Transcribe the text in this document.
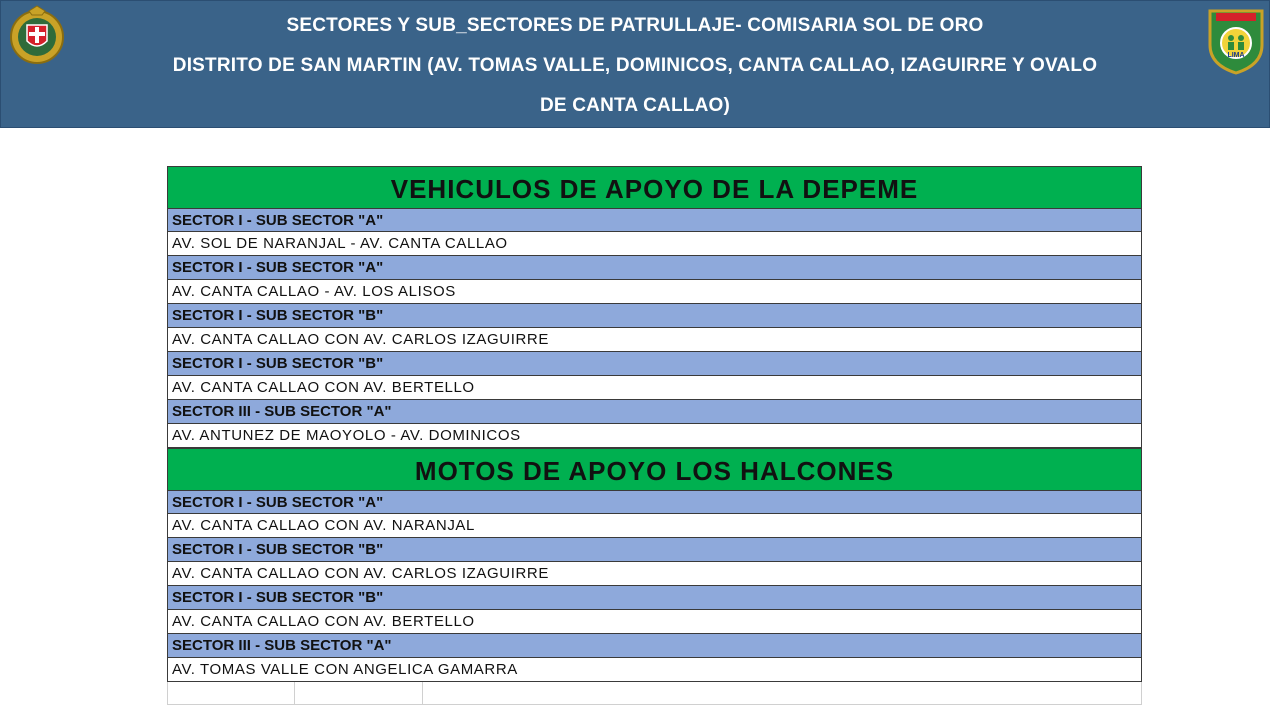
SECTORES Y SUB_SECTORES DE PATRULLAJE- COMISARIA SOL DE ORO
DISTRITO DE SAN MARTIN (AV. TOMAS VALLE, DOMINICOS, CANTA CALLAO, IZAGUIRRE Y OVALO
DE CANTA CALLAO)
LIMA
VEHICULOS DE APOYO DE LA DEPEME
SECTOR I - SUB SECTOR "A"
AV. SOL DE NARANJAL - AV. CANTA CALLAO
SECTOR I - SUB SECTOR "A"
AV. CANTA CALLAO - AV. LOS ALISOS
SECTOR I - SUB SECTOR "B"
AV. CANTA CALLAO CON AV. CARLOS IZAGUIRRE
SECTOR I - SUB SECTOR "B"
AV. CANTA CALLAO CON AV. BERTELLO
SECTOR III - SUB SECTOR "A"
AV. ANTUNEZ DE MAOYOLO - AV. DOMINICOS
MOTOS DE APOYO LOS HALCONES
SECTOR I - SUB SECTOR "A"
AV. CANTA CALLAO CON AV. NARANJAL
SECTOR I - SUB SECTOR "B"
AV. CANTA CALLAO CON AV. CARLOS IZAGUIRRE
SECTOR I - SUB SECTOR "B"
AV. CANTA CALLAO CON AV. BERTELLO
SECTOR III - SUB SECTOR "A"
AV. TOMAS VALLE CON ANGELICA GAMARRA
